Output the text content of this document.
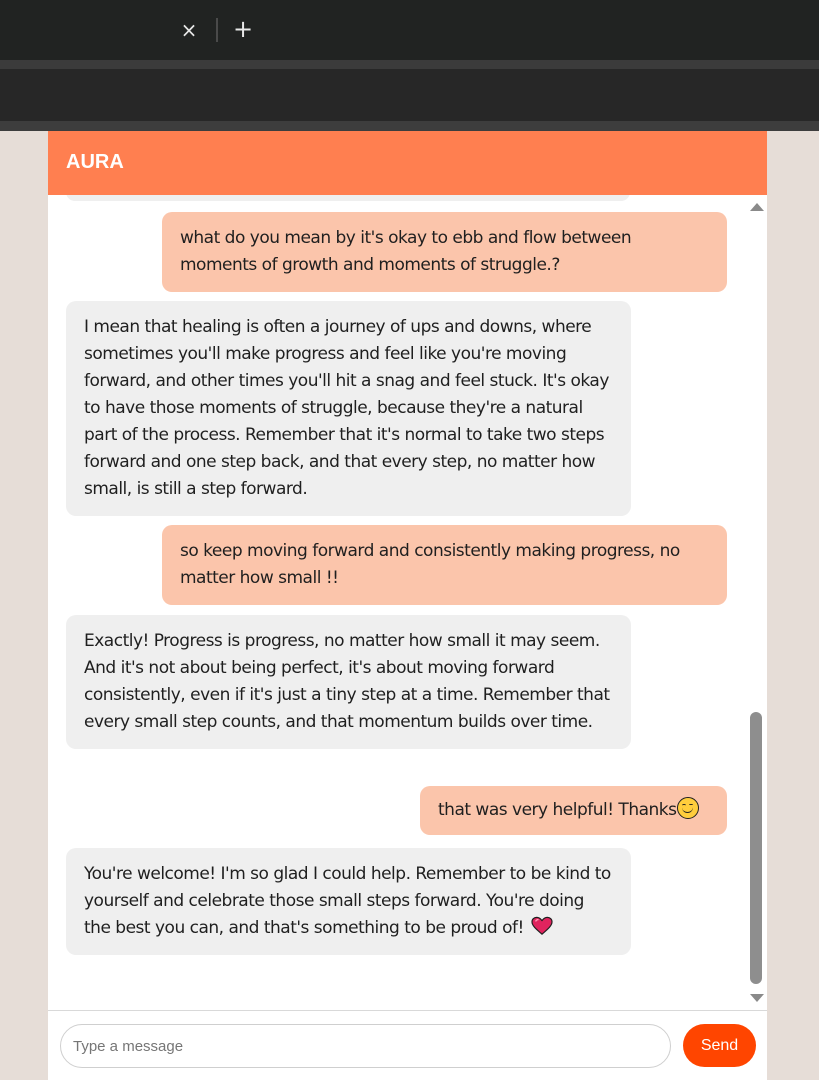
× +
AURA
what do you mean by it's okay to ebb and flow between moments of growth and moments of struggle.?
I mean that healing is often a journey of ups and downs, where sometimes you'll make progress and feel like you're moving forward, and other times you'll hit a snag and feel stuck. It's okay to have those moments of struggle, because they're a natural part of the process. Remember that it's normal to take two steps forward and one step back, and that every step, no matter how small, is still a step forward.
so keep moving forward and consistently making progress, no matter how small !!
Exactly! Progress is progress, no matter how small it may seem. And it's not about being perfect, it's about moving forward consistently, even if it's just a tiny step at a time. Remember that every small step counts, and that momentum builds over time.
that was very helpful! Thanks
You're welcome! I'm so glad I could help. Remember to be kind to yourself and celebrate those small steps forward. You're doing the best you can, and that's something to be proud of!
Type a message
Send
